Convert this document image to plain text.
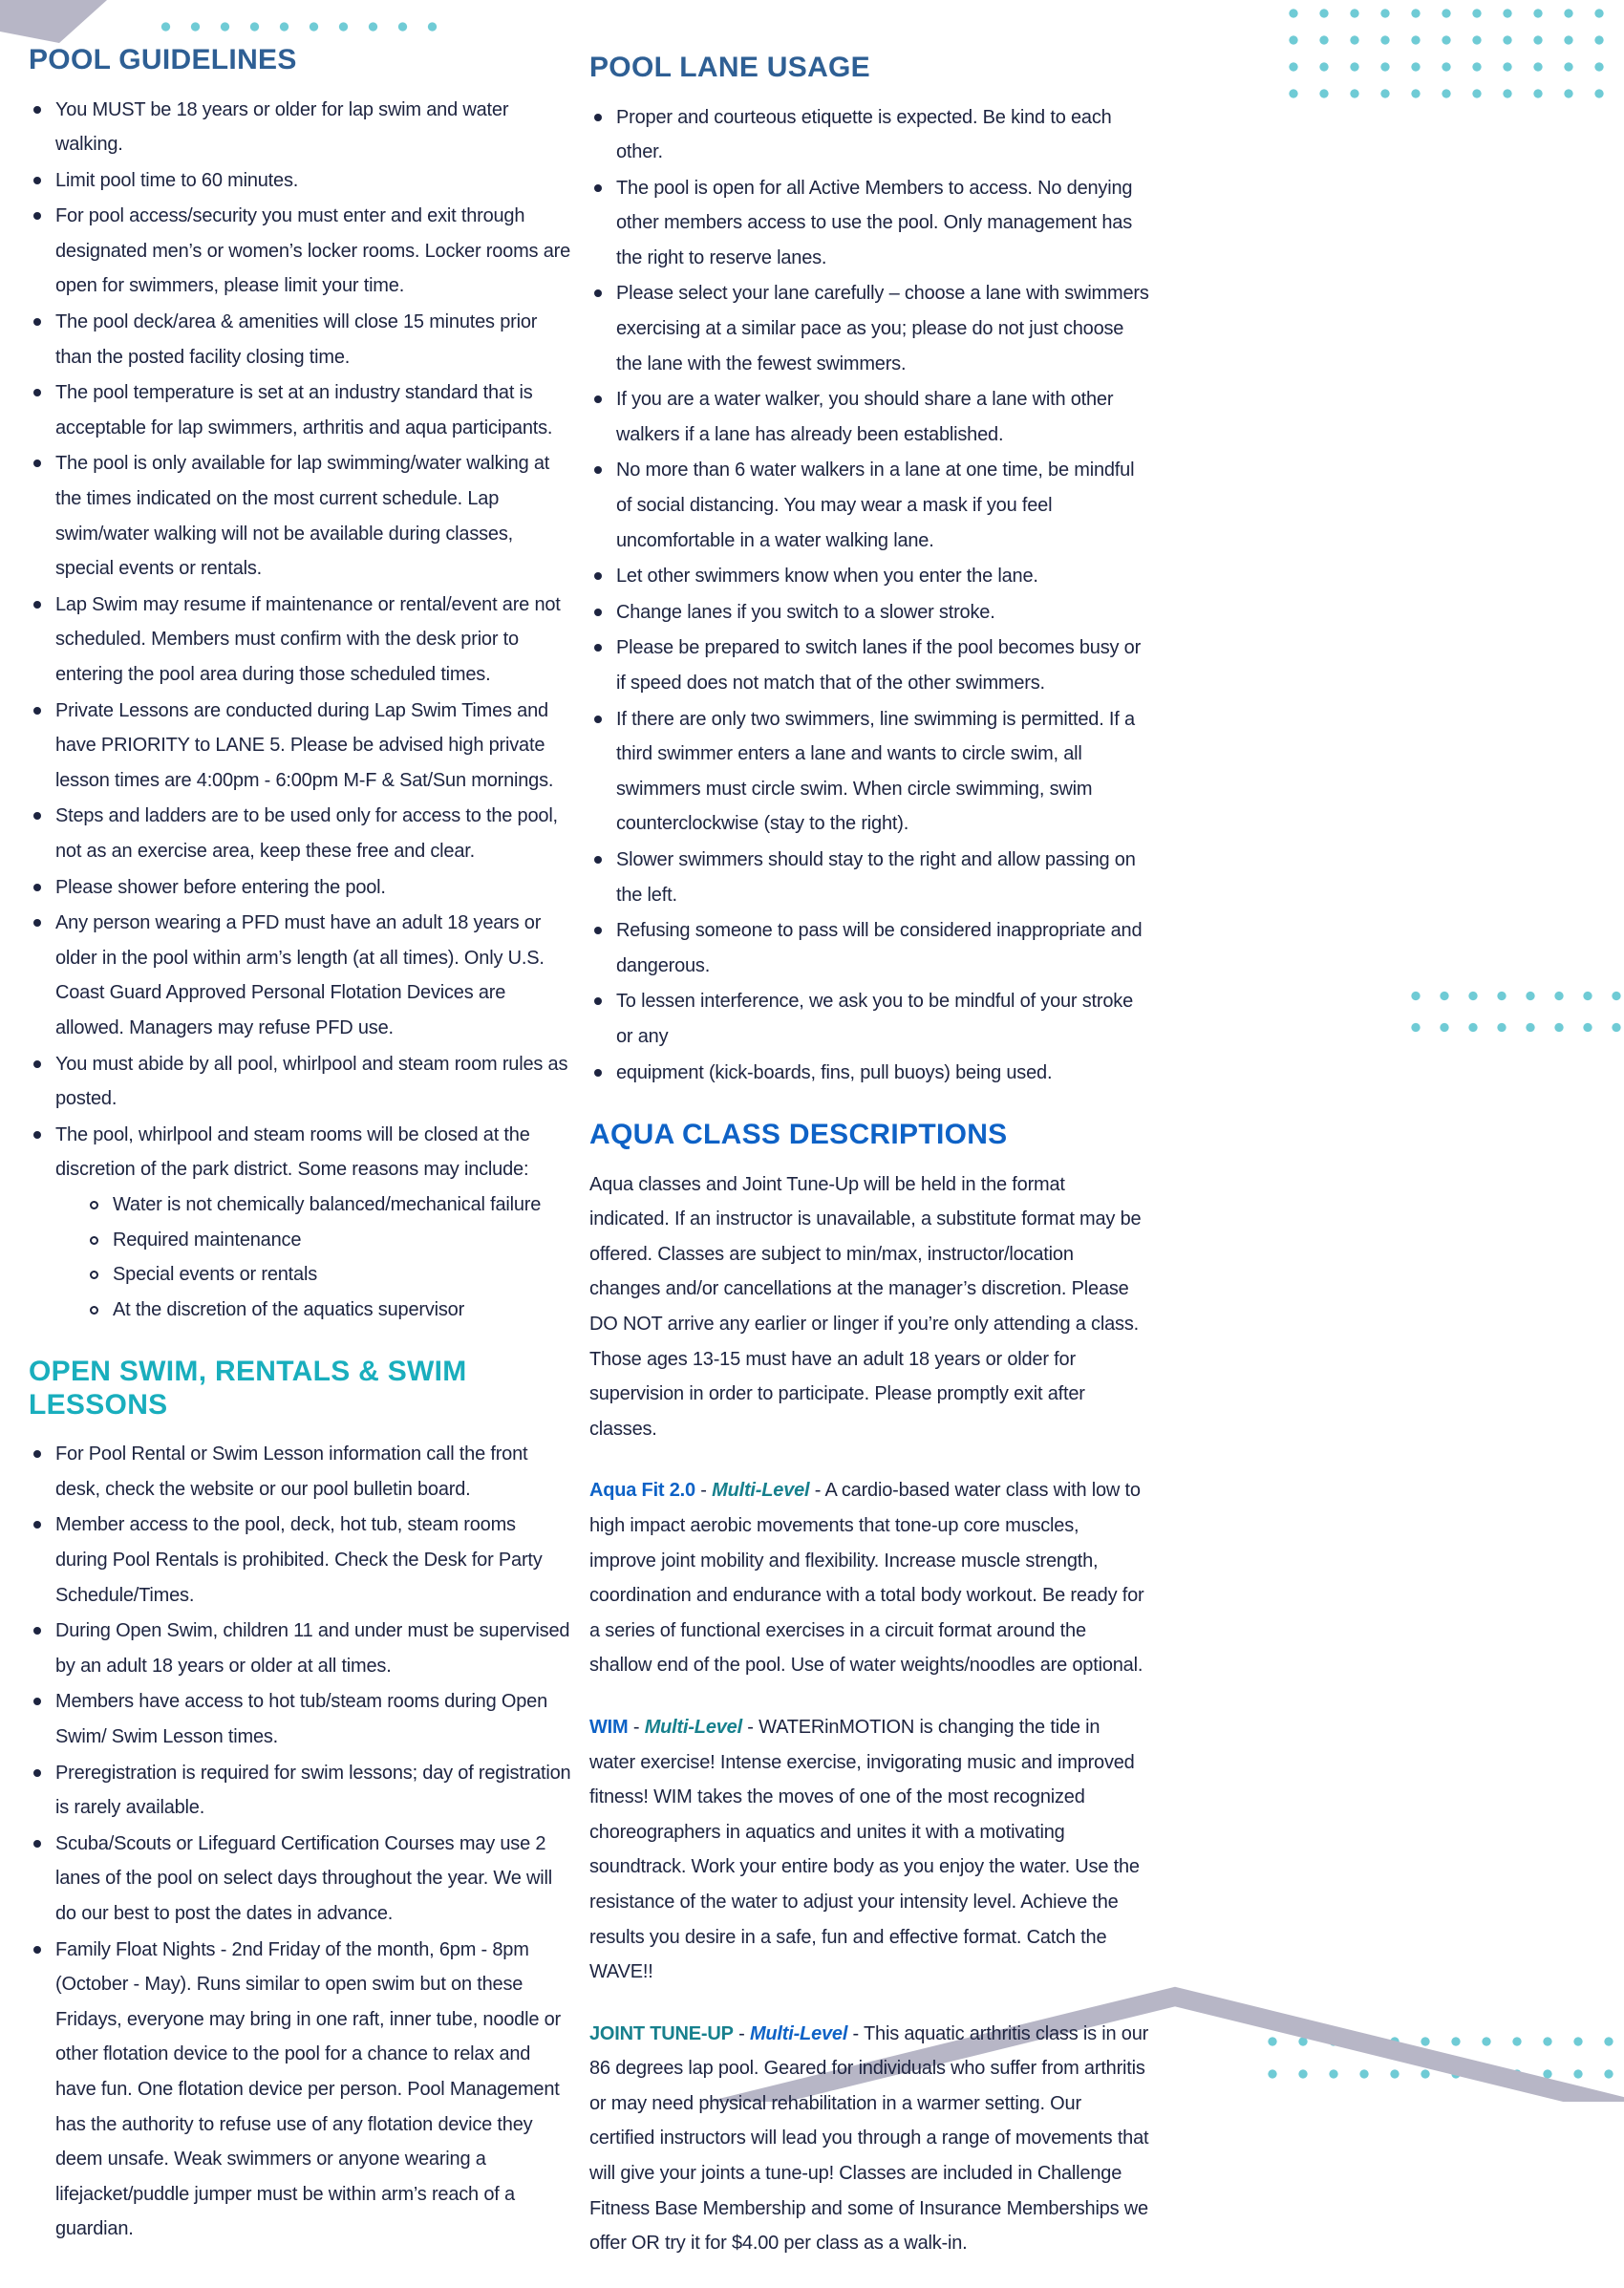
POOL GUIDELINES
You MUST be 18 years or older for lap swim and water walking.
Limit pool time to 60 minutes.
For pool access/security you must enter and exit through designated men’s or women’s locker rooms. Locker rooms are open for swimmers, please limit your time.
The pool deck/area & amenities will close 15 minutes prior than the posted facility closing time.
The pool temperature is set at an industry standard that is acceptable for lap swimmers, arthritis and aqua participants.
The pool is only available for lap swimming/water walking at the times indicated on the most current schedule. Lap swim/water walking will not be available during classes, special events or rentals.
Lap Swim may resume if maintenance or rental/event are not scheduled. Members must confirm with the desk prior to entering the pool area during those scheduled times.
Private Lessons are conducted during Lap Swim Times and have PRIORITY to LANE 5. Please be advised high private lesson times are 4:00pm - 6:00pm M-F & Sat/Sun mornings.
Steps and ladders are to be used only for access to the pool, not as an exercise area, keep these free and clear.
Please shower before entering the pool.
Any person wearing a PFD must have an adult 18 years or older in the pool within arm’s length (at all times). Only U.S. Coast Guard Approved Personal Flotation Devices are allowed. Managers may refuse PFD use.
You must abide by all pool, whirlpool and steam room rules as posted.
The pool, whirlpool and steam rooms will be closed at the discretion of the park district. Some reasons may include:
Water is not chemically balanced/mechanical failure
Required maintenance
Special events or rentals
At the discretion of the aquatics supervisor
OPEN SWIM, RENTALS & SWIM LESSONS
For Pool Rental or Swim Lesson information call the front desk, check the website or our pool bulletin board.
Member access to the pool, deck, hot tub, steam rooms during Pool Rentals is prohibited. Check the Desk for Party Schedule/Times.
During Open Swim, children 11 and under must be supervised by an adult 18 years or older at all times.
Members have access to hot tub/steam rooms during Open Swim/ Swim Lesson times.
Preregistration is required for swim lessons; day of registration is rarely available.
Scuba/Scouts or Lifeguard Certification Courses may use 2 lanes of the pool on select days throughout the year. We will do our best to post the dates in advance.
Family Float Nights - 2nd Friday of the month, 6pm - 8pm (October - May). Runs similar to open swim but on these Fridays, everyone may bring in one raft, inner tube, noodle or other flotation device to the pool for a chance to relax and have fun. One flotation device per person. Pool Management has the authority to refuse use of any flotation device they deem unsafe. Weak swimmers or anyone wearing a lifejacket/puddle jumper must be within arm’s reach of a guardian.
POOL LANE USAGE
Proper and courteous etiquette is expected. Be kind to each other.
The pool is open for all Active Members to access. No denying other members access to use the pool. Only management has the right to reserve lanes.
Please select your lane carefully – choose a lane with swimmers exercising at a similar pace as you; please do not just choose the lane with the fewest swimmers.
If you are a water walker, you should share a lane with other walkers if a lane has already been established.
No more than 6 water walkers in a lane at one time, be mindful of social distancing. You may wear a mask if you feel uncomfortable in a water walking lane.
Let other swimmers know when you enter the lane.
Change lanes if you switch to a slower stroke.
Please be prepared to switch lanes if the pool becomes busy or if speed does not match that of the other swimmers.
If there are only two swimmers, line swimming is permitted. If a third swimmer enters a lane and wants to circle swim, all swimmers must circle swim. When circle swimming, swim counterclockwise (stay to the right).
Slower swimmers should stay to the right and allow passing on the left.
Refusing someone to pass will be considered inappropriate and dangerous.
To lessen interference, we ask you to be mindful of your stroke or any
equipment (kick-boards, fins, pull buoys) being used.
AQUA CLASS DESCRIPTIONS

Aqua classes and Joint Tune-Up will be held in the format indicated. If an instructor is unavailable, a substitute format may be offered. Classes are subject to min/max, instructor/location changes and/or cancellations at the manager’s discretion. Please DO NOT arrive any earlier or linger if you’re only attending a class. Those ages 13-15 must have an adult 18 years or older for supervision in order to participate. Please promptly exit after classes.

Aqua Fit 2.0 - Multi-Level - A cardio-based water class with low to high impact aerobic movements that tone-up core muscles, improve joint mobility and flexibility. Increase muscle strength, coordination and endurance with a total body workout. Be ready for a series of functional exercises in a circuit format around the shallow end of the pool. Use of water weights/noodles are optional.

WIM - Multi-Level - WATERinMOTION is changing the tide in water exercise! Intense exercise, invigorating music and improved fitness! WIM takes the moves of one of the most recognized choreographers in aquatics and unites it with a motivating soundtrack. Work your entire body as you enjoy the water. Use the resistance of the water to adjust your intensity level. Achieve the results you desire in a safe, fun and effective format. Catch the WAVE!!

JOINT TUNE-UP - Multi-Level - This aquatic arthritis class is in our 86 degrees lap pool. Geared for individuals who suffer from arthritis or may need physical rehabilitation in a warmer setting. Our certified instructors will lead you through a range of movements that will give your joints a tune-up! Classes are included in Challenge Fitness Base Membership and some of Insurance Memberships we offer OR try it for $4.00 per class as a walk-in.
